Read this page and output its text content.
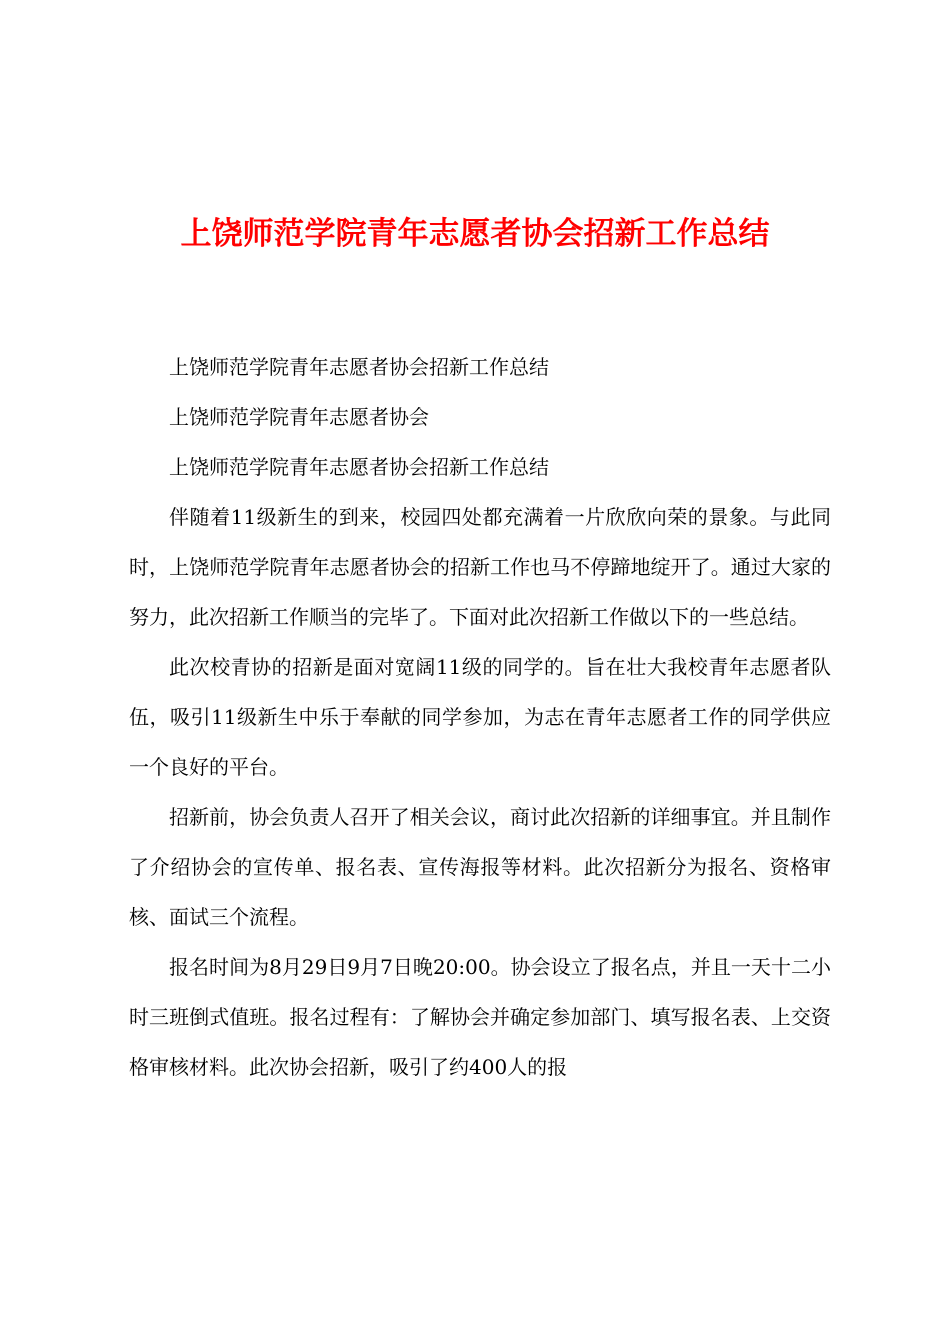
上饶师范学院青年志愿者协会招新工作总结

上饶师范学院青年志愿者协会招新工作总结

上饶师范学院青年志愿者协会

上饶师范学院青年志愿者协会招新工作总结

伴随着11级新生的到来，校园四处都充满着一片欣欣向荣的景象。与此同时，上饶师范学院青年志愿者协会的招新工作也马不停蹄地绽开了。通过大家的努力，此次招新工作顺当的完毕了。下面对此次招新工作做以下的一些总结。

此次校青协的招新是面对宽阔11级的同学的。旨在壮大我校青年志愿者队伍，吸引11级新生中乐于奉献的同学参加，为志在青年志愿者工作的同学供应一个良好的平台。

招新前，协会负责人召开了相关会议，商讨此次招新的详细事宜。并且制作了介绍协会的宣传单、报名表、宣传海报等材料。此次招新分为报名、资格审核、面试三个流程。

报名时间为8月29日9月7日晚20:00。协会设立了报名点，并且一天十二小时三班倒式值班。报名过程有：了解协会并确定参加部门、填写报名表、上交资格审核材料。此次协会招新，吸引了约400人的报
